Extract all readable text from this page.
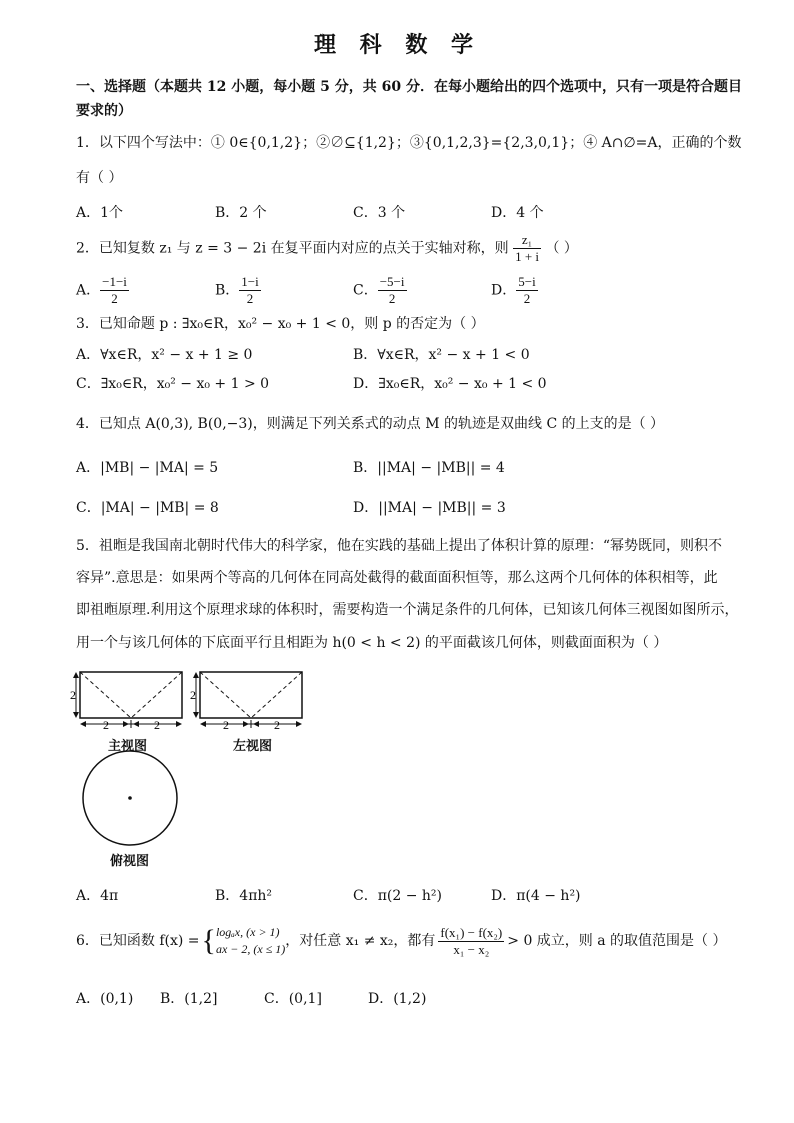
理 科 数 学
一、选择题（本题共 12 小题，每小题 5 分，共 60 分．在每小题给出的四个选项中，只有一项是符合题目
要求的）
1．以下四个写法中：① 0∈{0,1,2}；②∅⊆{1,2}；③{0,1,2,3}={2,3,0,1}；④ A∩∅=A，正确的个数
有（ ）
A．1个	B．2 个	C．3 个	D．4 个
2．已知复数 z₁ 与 z = 3 − 2i 在复平面内对应的点关于实轴对称，则 $\frac{\text{z₁}}{1 + i}$ （ ）
A． $\frac{-1-i}{2}$	B． $\frac{1-i}{2}$	C． $\frac{-5-i}{2}$	D． $\frac{5-i}{2}$
3．已知命题 p : ∃x₀∈R，x₀² − x₀ + 1 < 0，则 p 的否定为（ ）
A．∀x∈R，x² − x + 1 ≥ 0	B．∀x∈R，x² − x + 1 < 0
C．∃x₀∈R，x₀² − x₀ + 1 > 0	D．∃x₀∈R，x₀² − x₀ + 1 < 0
4．已知点 A(0,3), B(0,−3)，则满足下列关系式的动点 M 的轨迹是双曲线 C 的上支的是（ ）
A．|MB| − |MA| = 5	B．||MA| − |MB|| = 4
C．|MA| − |MB| = 8	D．||MA| − |MB|| = 3
5．祖暅是我国南北朝时代伟大的科学家，他在实践的基础上提出了体积计算的原理：“幂势既同，则积不
容异”.意思是：如果两个等高的几何体在同高处截得的截面面积恒等，那么这两个几何体的体积相等，此
即祖暅原理.利用这个原理求球的体积时，需要构造一个满足条件的几何体，已知该几何体三视图如图所示，
用一个与该几何体的下底面平行且相距为 h(0 < h < 2) 的平面截该几何体，则截面面积为（ ）
2
2	2
主视图
2
2	2
左视图
俯视图
A．4π	B．4πh²	C．π(2 − h²)	D．π(4 − h²)
6．已知函数 f(x) = { logₐx, (x > 1)
ax − 2, (x ≤ 1) ，对任意 x₁ ≠ x₂，都有 $\frac{\text{f(x₁) − f(x₂)}}{\text{x₁ − x₂}} > 0$ 成立，则 a 的取值范围是（ ）
A．(0,1) B．(1,2]	C．(0,1]	D．(1,2)
